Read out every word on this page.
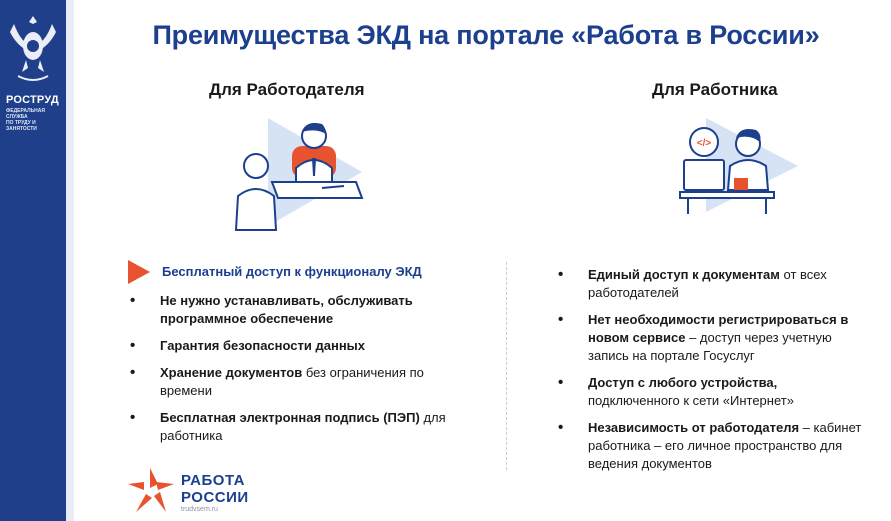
РОСТРУД
ФЕДЕРАЛЬНАЯ СЛУЖБА
ПО ТРУДУ И ЗАНЯТОСТИ
Преимущества ЭКД на портале «Работа в России»
Для Работодателя	Для Работника
</>
Бесплатный доступ к функционалу ЭКД
• Не нужно устанавливать, обслуживать программное обеспечение
• Гарантия безопасности данных
• Хранение документов без ограничения по времени
• Бесплатная электронная подпись (ПЭП) для работника
• Единый доступ к документам от всех работодателей
• Нет необходимости регистрироваться в новом сервисе – доступ через учетную запись на портале Госуслуг
• Доступ с любого устройства, подключенного к сети «Интернет»
• Независимость от работодателя – кабинет работника – его личное пространство для ведения документов
РАБОТА
РОССИИ
trudvsem.ru
